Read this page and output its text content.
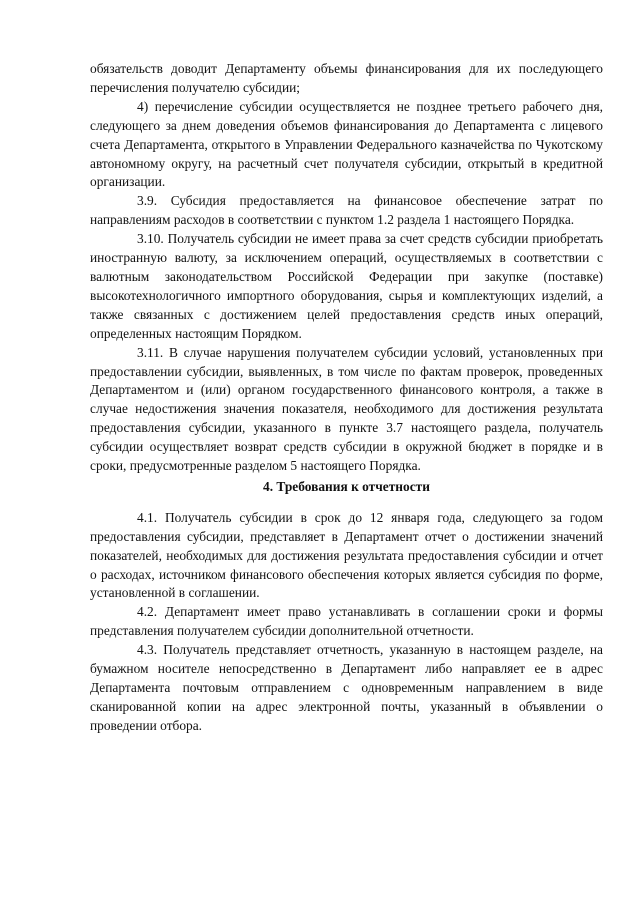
обязательств доводит Департаменту объемы финансирования для их последующего перечисления получателю субсидии;

4) перечисление субсидии осуществляется не позднее третьего рабочего дня, следующего за днем доведения объемов финансирования до Департамента с лицевого счета Департамента, открытого в Управлении Федерального казначейства по Чукотскому автономному округу, на расчетный счет получателя субсидии, открытый в кредитной организации.

3.9. Субсидия предоставляется на финансовое обеспечение затрат по направлениям расходов в соответствии с пунктом 1.2 раздела 1 настоящего Порядка.

3.10. Получатель субсидии не имеет права за счет средств субсидии приобретать иностранную валюту, за исключением операций, осуществляемых в соответствии с валютным законодательством Российской Федерации при закупке (поставке) высокотехнологичного импортного оборудования, сырья и комплектующих изделий, а также связанных с достижением целей предоставления средств иных операций, определенных настоящим Порядком.

3.11. В случае нарушения получателем субсидии условий, установленных при предоставлении субсидии, выявленных, в том числе по фактам проверок, проведенных Департаментом и (или) органом государственного финансового контроля, а также в случае недостижения значения показателя, необходимого для достижения результата предоставления субсидии, указанного в пункте 3.7 настоящего раздела, получатель субсидии осуществляет возврат средств субсидии в окружной бюджет в порядке и в сроки, предусмотренные разделом 5 настоящего Порядка.

4. Требования к отчетности

4.1. Получатель субсидии в срок до 12 января года, следующего за годом предоставления субсидии, представляет в Департамент отчет о достижении значений показателей, необходимых для достижения результата предоставления субсидии и отчет о расходах, источником финансового обеспечения которых является субсидия по форме, установленной в соглашении.

4.2. Департамент имеет право устанавливать в соглашении сроки и формы представления получателем субсидии дополнительной отчетности.

4.3. Получатель представляет отчетность, указанную в настоящем разделе, на бумажном носителе непосредственно в Департамент либо направляет ее в адрес Департамента почтовым отправлением с одновременным направлением в виде сканированной копии на адрес электронной почты, указанный в объявлении о проведении отбора.
